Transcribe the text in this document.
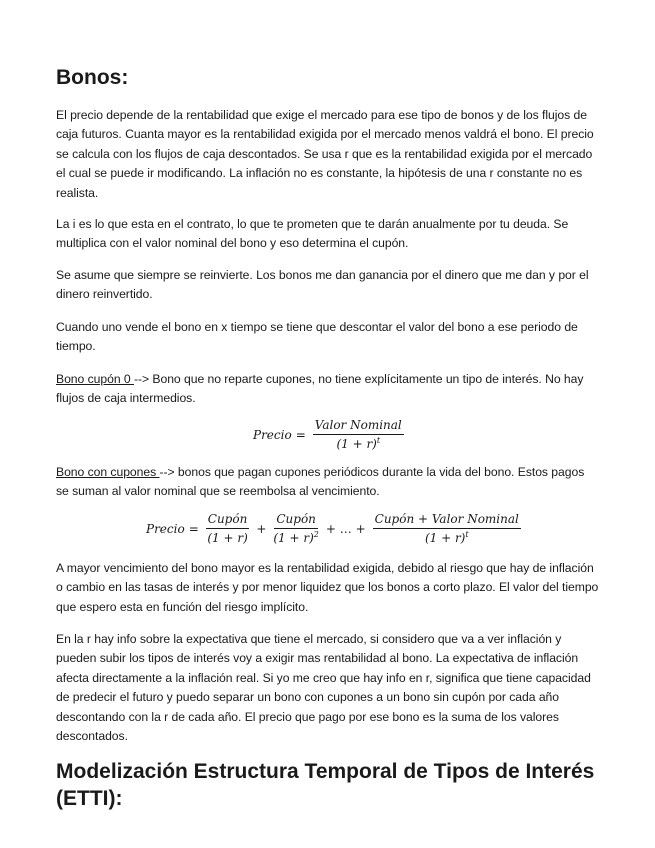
Bonos:

El precio depende de la rentabilidad que exige el mercado para ese tipo de bonos y de los flujos de caja futuros. Cuanta mayor es la rentabilidad exigida por el mercado menos valdrá el bono. El precio se calcula con los flujos de caja descontados. Se usa r que es la rentabilidad exigida por el mercado el cual se puede ir modificando. La inflación no es constante, la hipótesis de una r constante no es realista.

La i es lo que esta en el contrato, lo que te prometen que te darán anualmente por tu deuda. Se multiplica con el valor nominal del bono y eso determina el cupón.

Se asume que siempre se reinvierte. Los bonos me dan ganancia por el dinero que me dan y por el dinero reinvertido.

Cuando uno vende el bono en x tiempo se tiene que descontar el valor del bono a ese periodo de tiempo.

Bono cupón 0 --> Bono que no reparte cupones, no tiene explícitamente un tipo de interés. No hay flujos de caja intermedios.

Precio = $\frac{\text{Valor Nominal}}{(1 + r)^t}$

Bono con cupones --> bonos que pagan cupones periódicos durante la vida del bono. Estos pagos se suman al valor nominal que se reembolsa al vencimiento.

Precio = $\frac{\text{Cupón}}{(1 + r)} + \frac{\text{Cupón}}{(1 + r)^2}$ + … + $\frac{\text{Cupón + Valor Nominal}}{(1 + r)^t}$

A mayor vencimiento del bono mayor es la rentabilidad exigida, debido al riesgo que hay de inflación o cambio en las tasas de interés y por menor liquidez que los bonos a corto plazo. El valor del tiempo que espero esta en función del riesgo implícito.

En la r hay info sobre la expectativa que tiene el mercado, si considero que va a ver inflación y pueden subir los tipos de interés voy a exigir mas rentabilidad al bono. La expectativa de inflación afecta directamente a la inflación real. Si yo me creo que hay info en r, significa que tiene capacidad de predecir el futuro y puedo separar un bono con cupones a un bono sin cupón por cada año descontando con la r de cada año. El precio que pago por ese bono es la suma de los valores descontados.

Modelización Estructura Temporal de Tipos de Interés (ETTI):
